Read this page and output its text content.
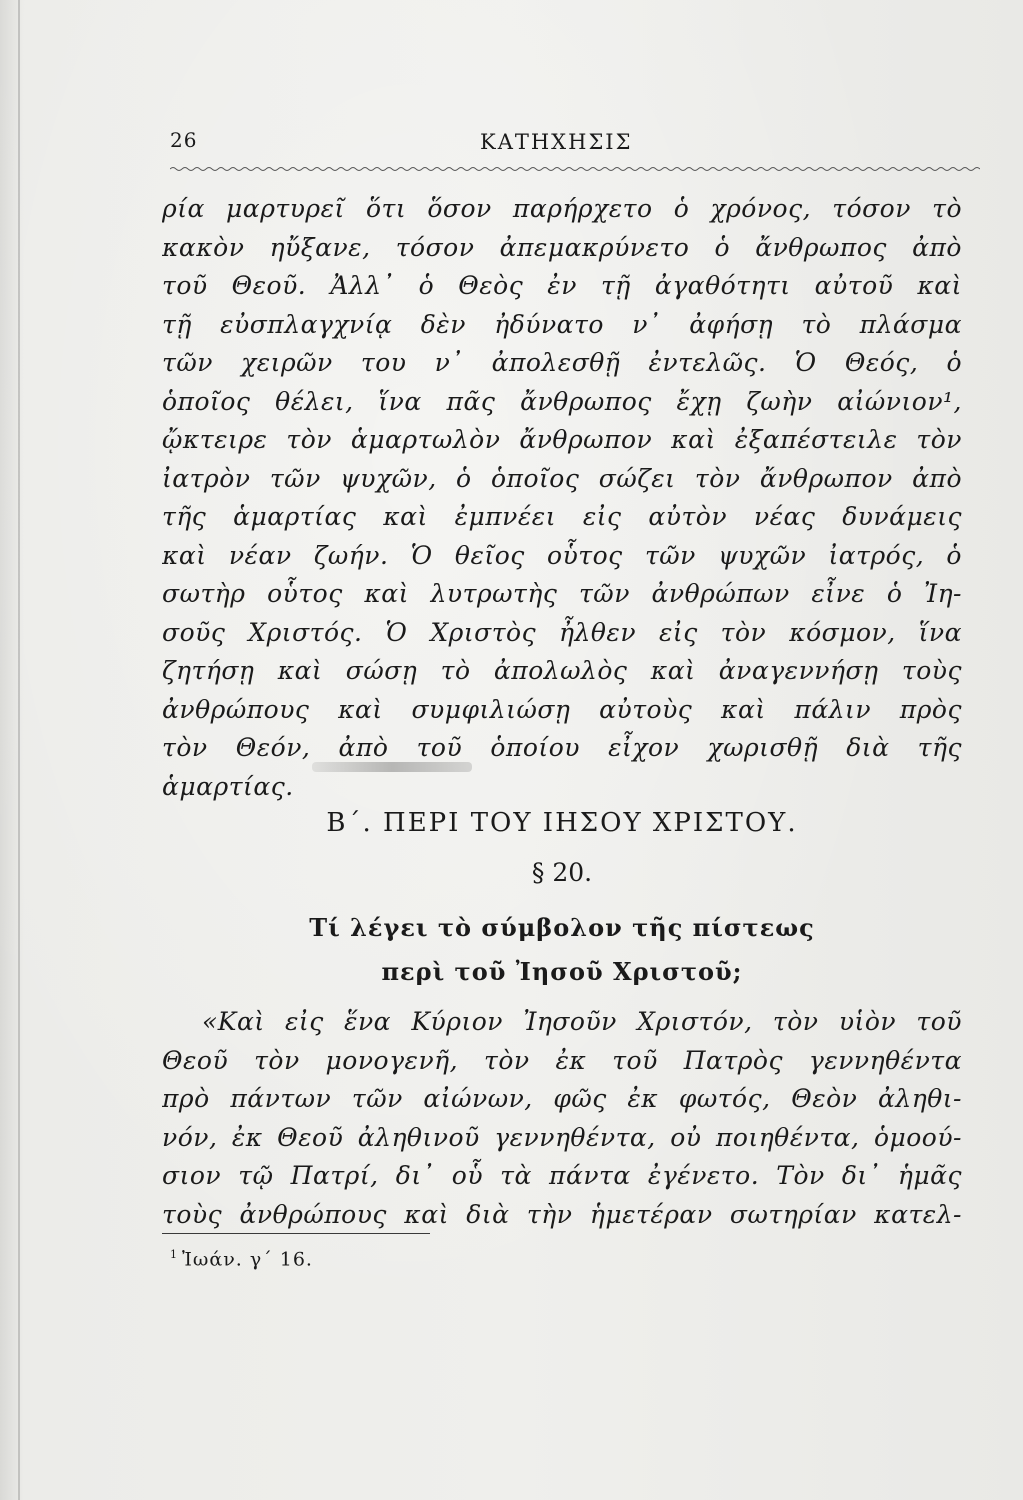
26	ΚΑΤΗΧΗΣΙΣ
ρία μαρτυρεῖ ὅτι ὅσον παρήρχετο ὁ χρόνος, τόσον τὸ
κακὸν ηὔξανε, τόσον ἀπεμακρύνετο ὁ ἄνθρωπος ἀπὸ
τοῦ Θεοῦ. Ἀλλ᾽ ὁ Θεὸς ἐν τῇ ἀγαθότητι αὐτοῦ καὶ
τῇ εὐσπλαγχνίᾳ δὲν ἠδύνατο ν᾽ ἀφήσῃ τὸ πλάσμα
τῶν χειρῶν του ν᾽ ἀπολεσθῇ ἐντελῶς. Ὁ Θεός, ὁ
ὁποῖος θέλει, ἵνα πᾶς ἄνθρωπος ἔχῃ ζωὴν αἰώνιον¹,
ᾤκτειρε τὸν ἁμαρτωλὸν ἄνθρωπον καὶ ἐξαπέστειλε τὸν
ἰατρὸν τῶν ψυχῶν, ὁ ὁποῖος σώζει τὸν ἄνθρωπον ἀπὸ
τῆς ἁμαρτίας καὶ ἐμπνέει εἰς αὐτὸν νέας δυνάμεις
καὶ νέαν ζωήν. Ὁ θεῖος οὗτος τῶν ψυχῶν ἰατρός, ὁ
σωτὴρ οὗτος καὶ λυτρωτὴς τῶν ἀνθρώπων εἶνε ὁ Ἰη-
σοῦς Χριστός. Ὁ Χριστὸς ἦλθεν εἰς τὸν κόσμον, ἵνα
ζητήσῃ καὶ σώσῃ τὸ ἀπολωλὸς καὶ ἀναγεννήσῃ τοὺς
ἀνθρώπους καὶ συμφιλιώσῃ αὐτοὺς καὶ πάλιν πρὸς
τὸν Θεόν, ἀπὸ τοῦ ὁποίου εἶχον χωρισθῇ διὰ τῆς
ἁμαρτίας.
Β΄. ΠΕΡΙ ΤΟΥ ΙΗΣΟΥ ΧΡΙΣΤΟΥ.
§ 20.
Τί λέγει τὸ σύμβολον τῆς πίστεως
περὶ τοῦ Ἰησοῦ Χριστοῦ;
«Καὶ εἰς ἕνα Κύριον Ἰησοῦν Χριστόν, τὸν υἱὸν τοῦ
Θεοῦ τὸν μονογενῆ, τὸν ἐκ τοῦ Πατρὸς γεννηθέντα
πρὸ πάντων τῶν αἰώνων, φῶς ἐκ φωτός, Θεὸν ἀληθι-
νόν, ἐκ Θεοῦ ἀληθινοῦ γεννηθέντα, οὐ ποιηθέντα, ὁμοού-
σιον τῷ Πατρί, δι᾽ οὗ τὰ πάντα ἐγένετο. Τὸν δι᾽ ἡμᾶς
τοὺς ἀνθρώπους καὶ διὰ τὴν ἡμετέραν σωτηρίαν κατελ-
$^1$ Ἰωάν. γ΄ 16.
